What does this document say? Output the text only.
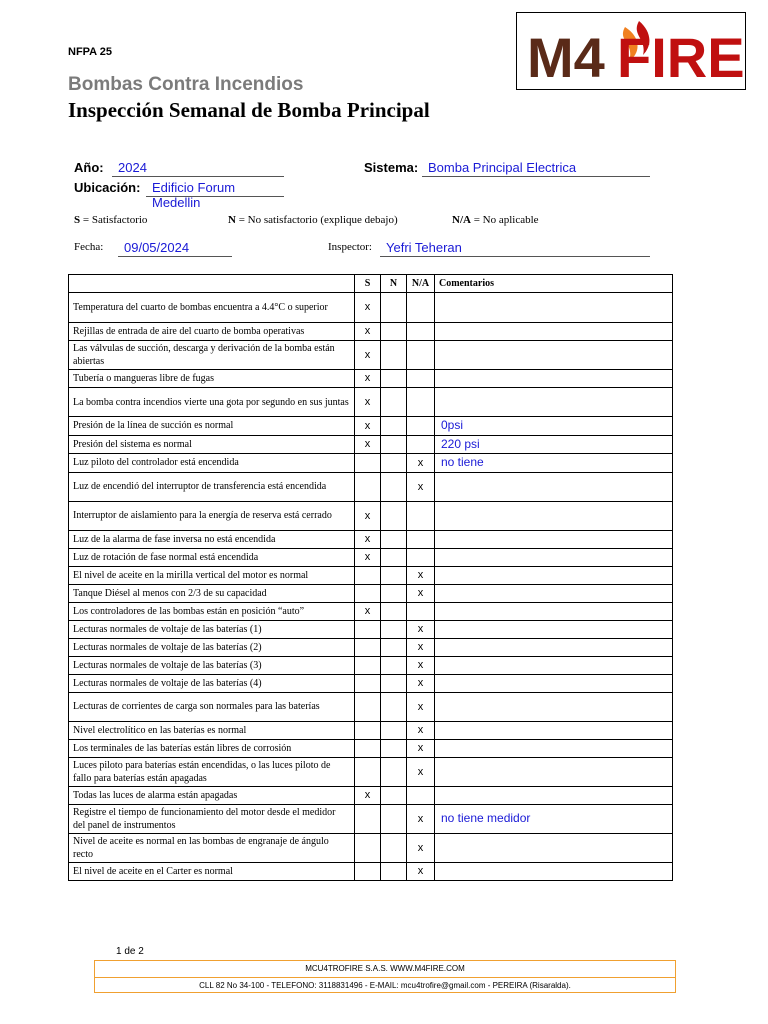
NFPA 25
Bombas Contra Incendios
Inspección Semanal de Bomba Principal
M4 FIRE
Año:	2024	Sistema: Bomba Principal Electrica
Ubicación: Edificio Forum Medellin
S = Satisfactorio	N = No satisfactorio (explique debajo)	N/A = No aplicable
Fecha:	09/05/2024	Inspector:	Yefri Teheran
	S	N	N/A	Comentarios
Temperatura del cuarto de bombas encuentra a 4.4°C o superior	x			
Rejillas de entrada de aire del cuarto de bomba operativas	x			
Las válvulas de succión, descarga y derivación de la bomba están abiertas	x			
Tubería o mangueras libre de fugas	x			
La bomba contra incendios vierte una gota por segundo en sus juntas	x			
Presión de la línea de succión es normal	x			0psi
Presión del sistema es normal	x			220 psi
Luz piloto del controlador está encendida			x	no tiene
Luz de encendió del interruptor de transferencia está encendida			x	
Interruptor de aislamiento para la energía de reserva está cerrado	x			
Luz de la alarma de fase inversa no está encendida	x			
Luz de rotación de fase normal está encendida	x			
El nivel de aceite en la mirilla vertical del motor es normal			x	
Tanque Diésel al menos con 2/3 de su capacidad			x	
Los controladores de las bombas están en posición “auto”	x			
Lecturas normales de voltaje de las baterías (1)			x	
Lecturas normales de voltaje de las baterías (2)			x	
Lecturas normales de voltaje de las baterías (3)			x	
Lecturas normales de voltaje de las baterías (4)			x	
Lecturas de corrientes de carga son normales para las baterías			x	
Nivel electrolítico en las baterías es normal			x	
Los terminales de las baterías están libres de corrosión			x	
Luces piloto para baterías están encendidas, o las luces piloto de fallo para baterías están apagadas			x	
Todas las luces de alarma están apagadas	x			
Registre el tiempo de funcionamiento del motor desde el medidor del panel de instrumentos			x	no tiene medidor
Nivel de aceite es normal en las bombas de engranaje de ángulo recto			x	
El nivel de aceite en el Carter es normal			x	
1 de 2
MCU4TROFIRE S.A.S. WWW.M4FIRE.COM
CLL 82 No 34-100 - TELEFONO: 3118831496 - E-MAIL: mcu4trofire@gmail.com - PEREIRA (Risaralda).
